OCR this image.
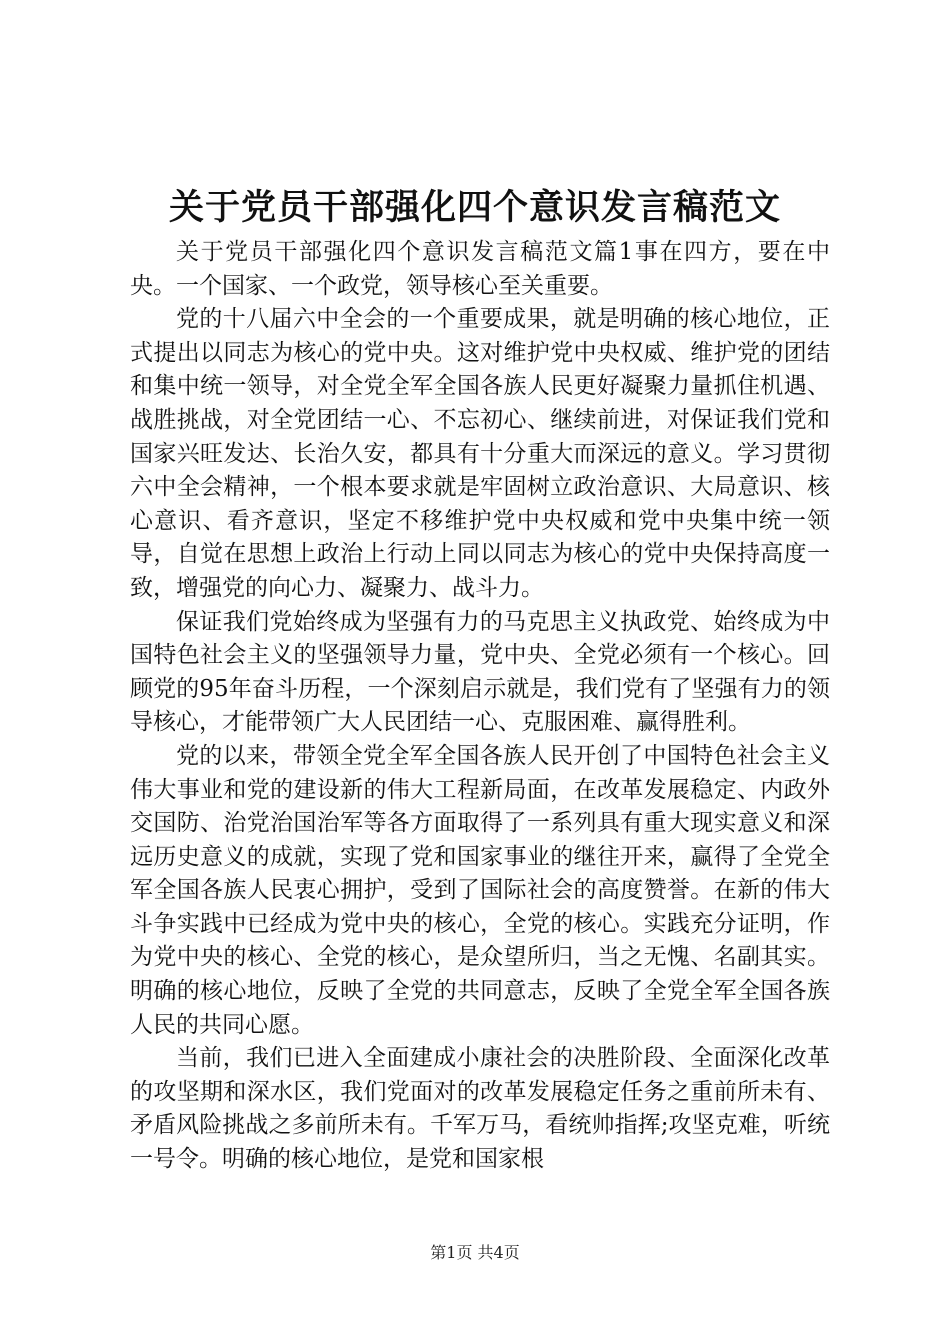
关于党员干部强化四个意识发言稿范文

关于党员干部强化四个意识发言稿范文篇1事在四方，要在中央。一个国家、一个政党，领导核心至关重要。

党的十八届六中全会的一个重要成果，就是明确的核心地位，正式提出以同志为核心的党中央。这对维护党中央权威、维护党的团结和集中统一领导，对全党全军全国各族人民更好凝聚力量抓住机遇、战胜挑战，对全党团结一心、不忘初心、继续前进，对保证我们党和国家兴旺发达、长治久安，都具有十分重大而深远的意义。学习贯彻六中全会精神，一个根本要求就是牢固树立政治意识、大局意识、核心意识、看齐意识，坚定不移维护党中央权威和党中央集中统一领导，自觉在思想上政治上行动上同以同志为核心的党中央保持高度一致，增强党的向心力、凝聚力、战斗力。

保证我们党始终成为坚强有力的马克思主义执政党、始终成为中国特色社会主义的坚强领导力量，党中央、全党必须有一个核心。回顾党的95年奋斗历程，一个深刻启示就是，我们党有了坚强有力的领导核心，才能带领广大人民团结一心、克服困难、赢得胜利。

党的以来，带领全党全军全国各族人民开创了中国特色社会主义伟大事业和党的建设新的伟大工程新局面，在改革发展稳定、内政外交国防、治党治国治军等各方面取得了一系列具有重大现实意义和深远历史意义的成就，实现了党和国家事业的继往开来，赢得了全党全军全国各族人民衷心拥护，受到了国际社会的高度赞誉。在新的伟大斗争实践中已经成为党中央的核心，全党的核心。实践充分证明，作为党中央的核心、全党的核心，是众望所归，当之无愧、名副其实。明确的核心地位，反映了全党的共同意志，反映了全党全军全国各族人民的共同心愿。

当前，我们已进入全面建成小康社会的决胜阶段、全面深化改革的攻坚期和深水区，我们党面对的改革发展稳定任务之重前所未有、矛盾风险挑战之多前所未有。千军万马，看统帅指挥;攻坚克难，听统一号令。明确的核心地位，是党和国家根

第1页 共4页
